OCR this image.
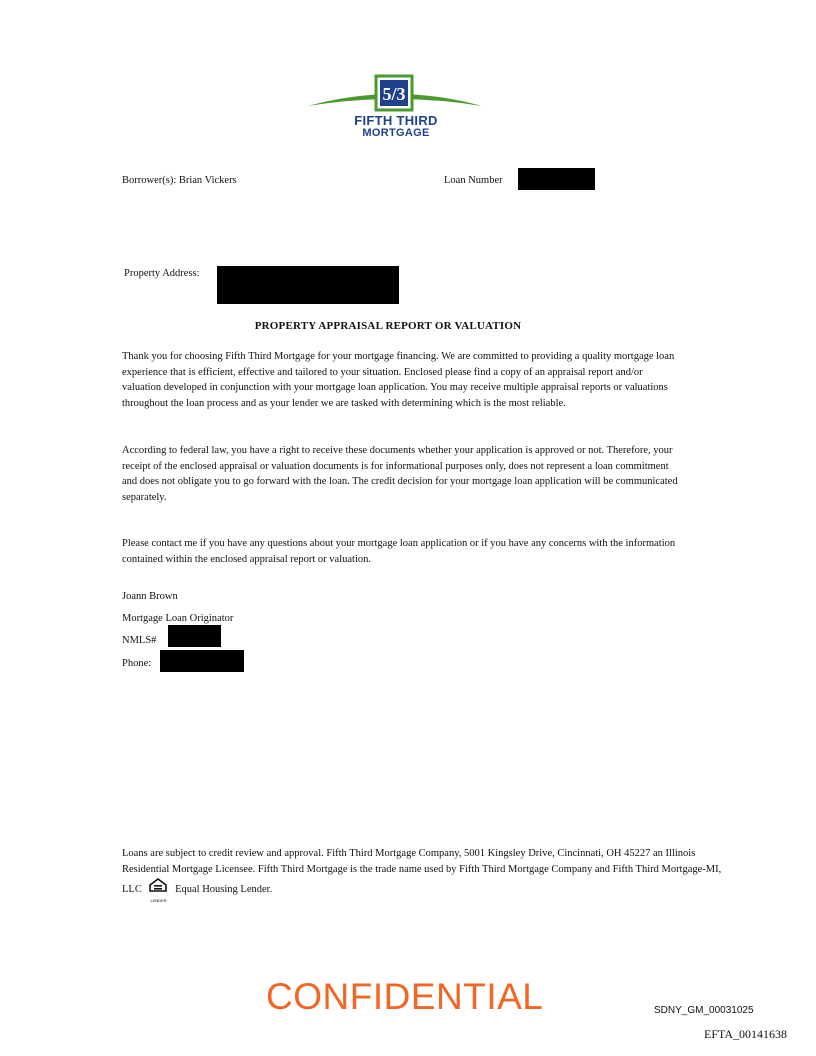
5/3
FIFTH THIRD
MORTGAGE
Borrower(s): Brian Vickers	Loan Number
Property Address:
PROPERTY APPRAISAL REPORT OR VALUATION
Thank you for choosing Fifth Third Mortgage for your mortgage financing. We are committed to providing a quality mortgage loan experience that is efficient, effective and tailored to your situation. Enclosed please find a copy of an appraisal report and/or valuation developed in conjunction with your mortgage loan application. You may receive multiple appraisal reports or valuations throughout the loan process and as your lender we are tasked with determining which is the most reliable.
According to federal law, you have a right to receive these documents whether your application is approved or not. Therefore, your receipt of the enclosed appraisal or valuation documents is for informational purposes only, does not represent a loan commitment and does not obligate you to go forward with the loan. The credit decision for your mortgage loan application will be communicated separately.
Please contact me if you have any questions about your mortgage loan application or if you have any concerns with the information contained within the enclosed appraisal report or valuation.
Joann Brown
Mortgage Loan Originator
NMLS#
Phone:
Loans are subject to credit review and approval. Fifth Third Mortgage Company, 5001 Kingsley Drive, Cincinnati, OH 45227 an Illinois Residential Mortgage Licensee. Fifth Third Mortgage is the trade name used by Fifth Third Mortgage Company and Fifth Third Mortgage-MI, LLC
LENDER
Equal Housing Lender.
CONFIDENTIAL	SDNY_GM_00031025
EFTA_00141638
